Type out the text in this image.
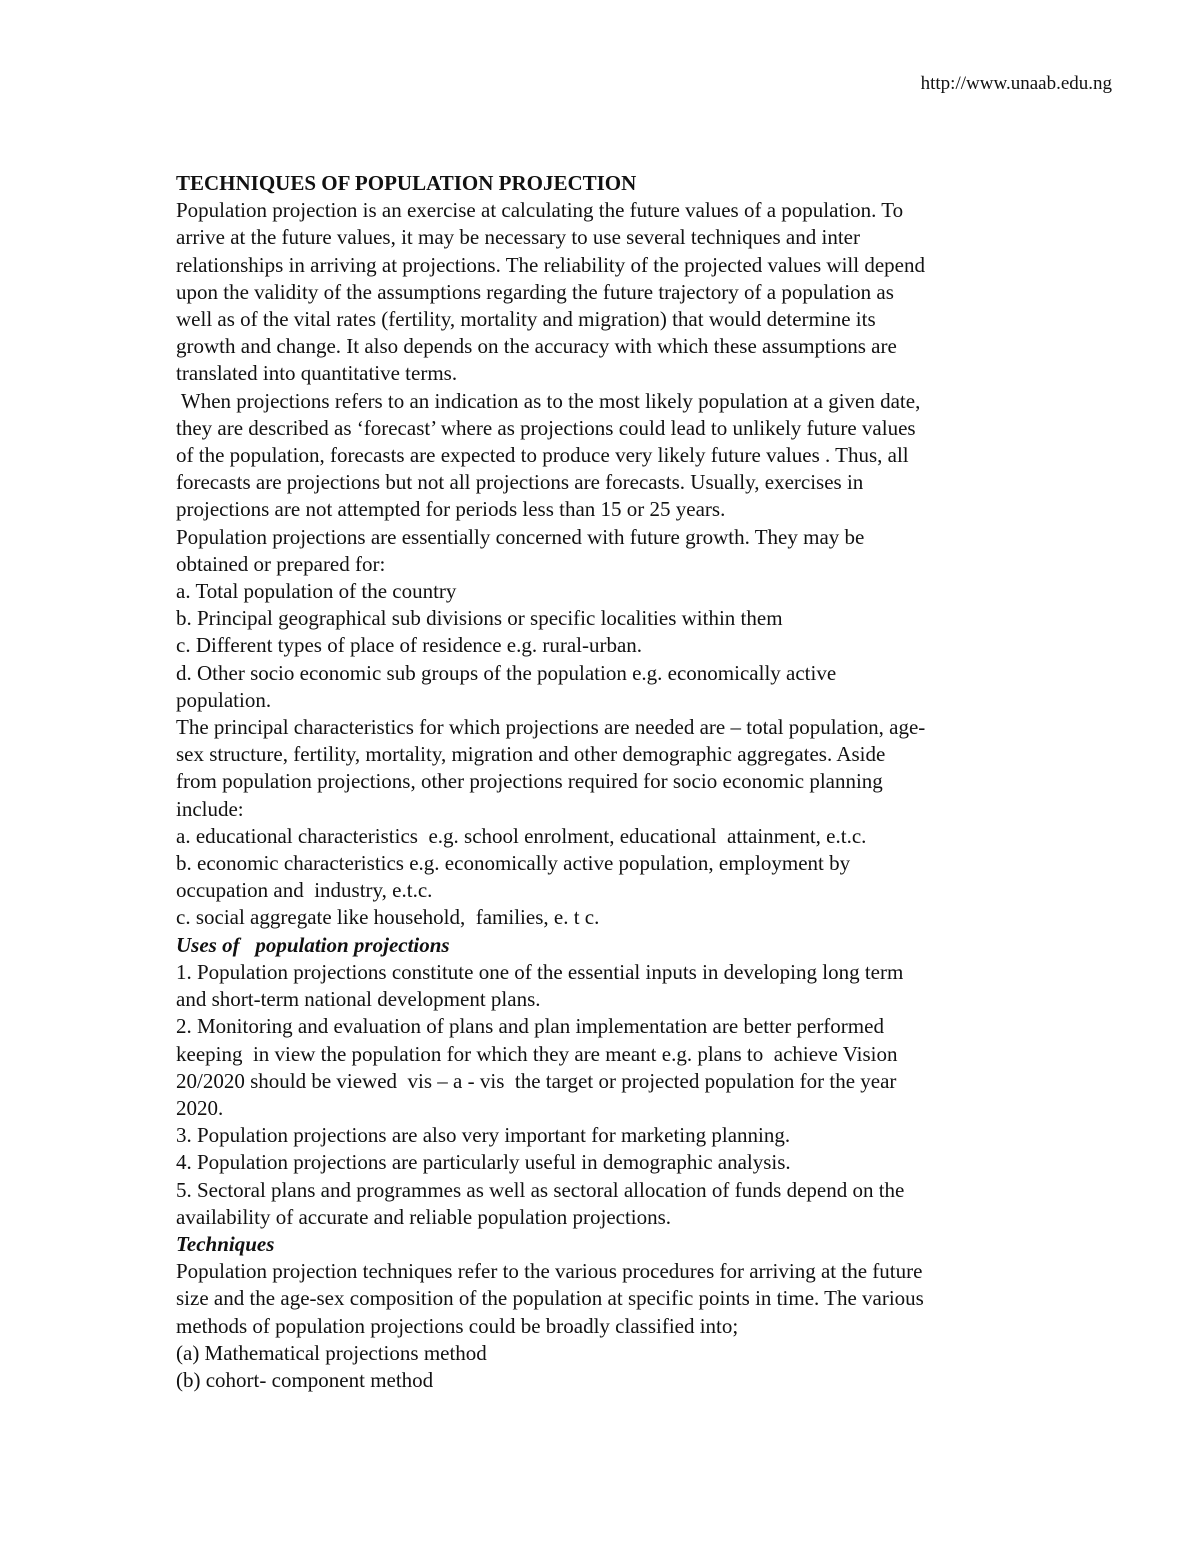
http://www.unaab.edu.ng
TECHNIQUES OF POPULATION PROJECTION
Population projection is an exercise at calculating the future values of a population. To
arrive at the future values, it may be necessary to use several techniques and inter
relationships in arriving at projections. The reliability of the projected values will depend
upon the validity of the assumptions regarding the future trajectory of a population as
well as of the vital rates (fertility, mortality and migration) that would determine its
growth and change. It also depends on the accuracy with which these assumptions are
translated into quantitative terms.
When projections refers to an indication as to the most likely population at a given date,
they are described as ‘forecast’ where as projections could lead to unlikely future values
of the population, forecasts are expected to produce very likely future values . Thus, all
forecasts are projections but not all projections are forecasts. Usually, exercises in
projections are not attempted for periods less than 15 or 25 years.
Population projections are essentially concerned with future growth. They may be
obtained or prepared for:
a. Total population of the country
b. Principal geographical sub divisions or specific localities within them
c. Different types of place of residence e.g. rural-urban.
d. Other socio economic sub groups of the population e.g. economically active
population.
The principal characteristics for which projections are needed are – total population, age-
sex structure, fertility, mortality, migration and other demographic aggregates. Aside
from population projections, other projections required for socio economic planning
include:
a. educational characteristics  e.g. school enrolment, educational  attainment, e.t.c.
b. economic characteristics e.g. economically active population, employment by
occupation and  industry, e.t.c.
c. social aggregate like household,  families, e. t c.
Uses of   population projections
1. Population projections constitute one of the essential inputs in developing long term
and short-term national development plans.
2. Monitoring and evaluation of plans and plan implementation are better performed
keeping  in view the population for which they are meant e.g. plans to  achieve Vision
20/2020 should be viewed  vis – a - vis  the target or projected population for the year
2020.
3. Population projections are also very important for marketing planning.
4. Population projections are particularly useful in demographic analysis.
5. Sectoral plans and programmes as well as sectoral allocation of funds depend on the
availability of accurate and reliable population projections.
Techniques
Population projection techniques refer to the various procedures for arriving at the future
size and the age-sex composition of the population at specific points in time. The various
methods of population projections could be broadly classified into;
(a) Mathematical projections method
(b) cohort- component method
